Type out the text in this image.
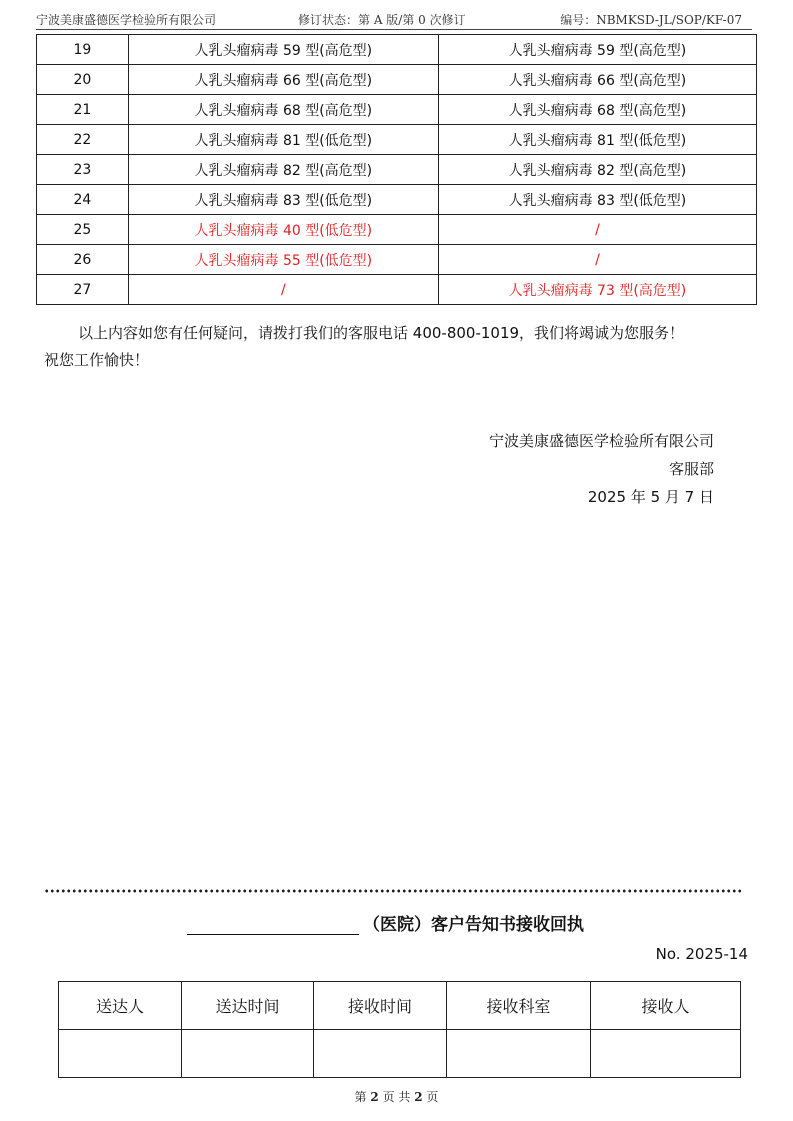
宁波美康盛德医学检验所有限公司	修订状态：第 A 版/第 0 次修订	编号：NBMKSD-JL/SOP/KF-07
19	人乳头瘤病毒 59 型(高危型)	人乳头瘤病毒 59 型(高危型)
20	人乳头瘤病毒 66 型(高危型)	人乳头瘤病毒 66 型(高危型)
21	人乳头瘤病毒 68 型(高危型)	人乳头瘤病毒 68 型(高危型)
22	人乳头瘤病毒 81 型(低危型)	人乳头瘤病毒 81 型(低危型)
23	人乳头瘤病毒 82 型(高危型)	人乳头瘤病毒 82 型(高危型)
24	人乳头瘤病毒 83 型(低危型)	人乳头瘤病毒 83 型(低危型)
25	人乳头瘤病毒 40 型(低危型)	/
26	人乳头瘤病毒 55 型(低危型)	/
27	/	人乳头瘤病毒 73 型(高危型)
以上内容如您有任何疑问，请拨打我们的客服电话 400-800-1019，我们将竭诚为您服务！
祝您工作愉快！
宁波美康盛德医学检验所有限公司
客服部
2025 年 5 月 7 日
（医院）客户告知书接收回执
No. 2025-14
送达人	送达时间	接收时间	接收科室	接收人

第 2 页 共 2 页
